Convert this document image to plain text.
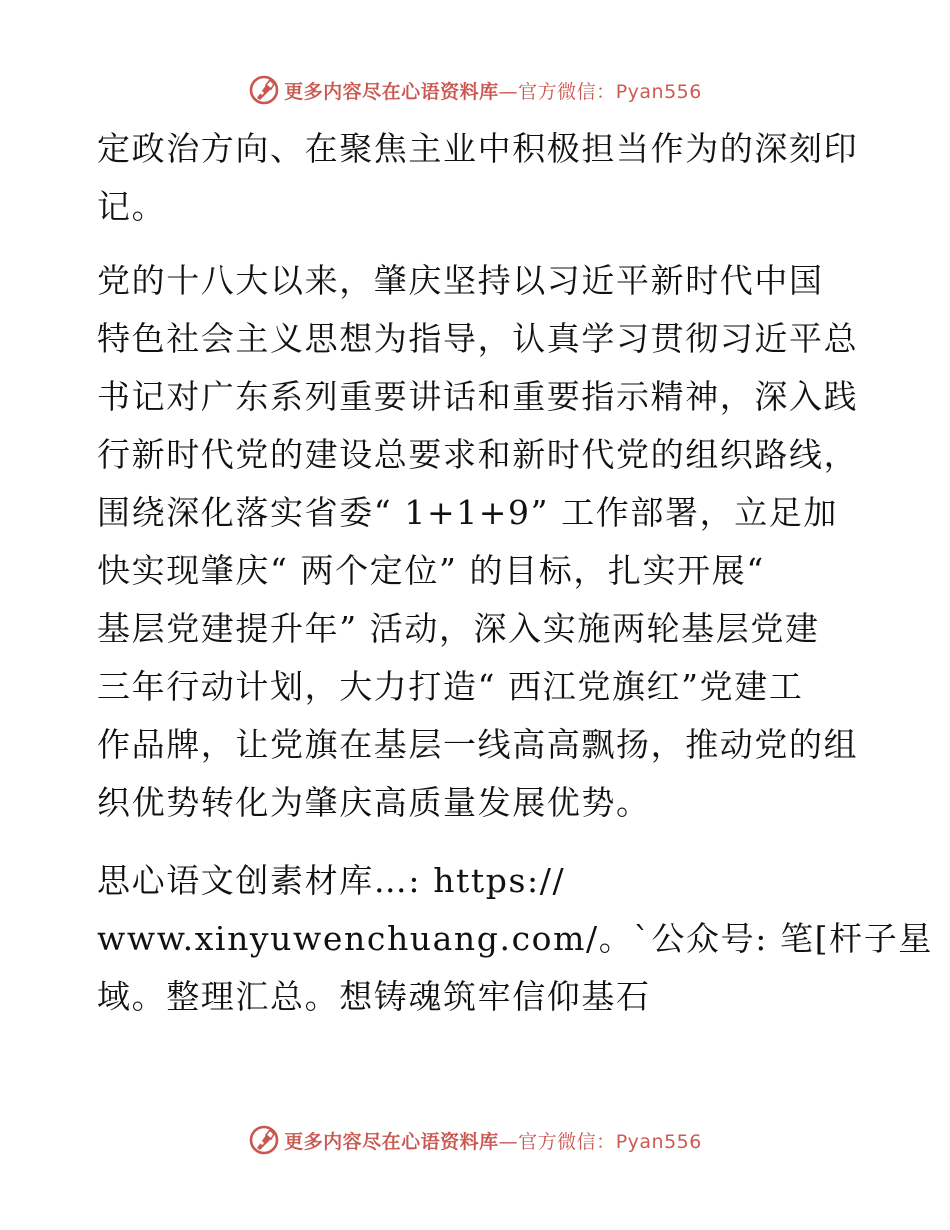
更多内容尽在心语资料库—官方微信：Pyan556
定政治方向、在聚焦主业中积极担当作为的深刻印
记。
党的十八大以来，肇庆坚持以习近平新时代中国
特色社会主义思想为指导，认真学习贯彻习近平总
书记对广东系列重要讲话和重要指示精神，深入践
行新时代党的建设总要求和新时代党的组织路线，
围绕深化落实省委“ 1+1+9” 工作部署，立足加
快实现肇庆“ 两个定位” 的目标，扎实开展“
基层党建提升年” 活动，深入实施两轮基层党建
三年行动计划，大力打造“ 西江党旗红”党建工
作品牌，让党旗在基层一线高高飘扬，推动党的组
织优势转化为肇庆高质量发展优势。
思心语文创素材库…: https://
www.xinyuwenchuang.com/。`公众号: 笔[杆子星
域。整理汇总。想铸魂筑牢信仰基石
更多内容尽在心语资料库—官方微信：Pyan556
